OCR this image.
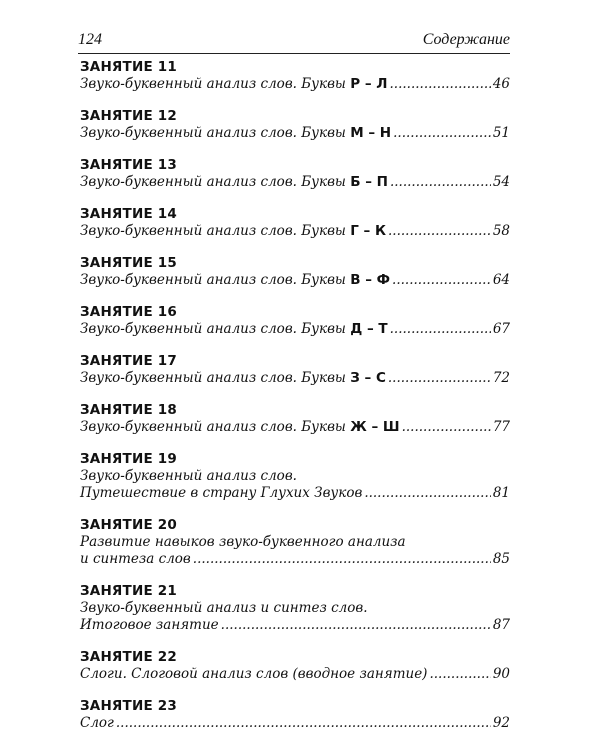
124	Содержание
ЗАНЯТИЕ 11
Звуко-буквенный анализ слов. Буквы Р – Л .....	46
ЗАНЯТИЕ 12
Звуко-буквенный анализ слов. Буквы М – Н .....	51
ЗАНЯТИЕ 13
Звуко-буквенный анализ слов. Буквы Б – П .....	54
ЗАНЯТИЕ 14
Звуко-буквенный анализ слов. Буквы Г – К .....	58
ЗАНЯТИЕ 15
Звуко-буквенный анализ слов. Буквы В – Ф .....	64
ЗАНЯТИЕ 16
Звуко-буквенный анализ слов. Буквы Д – Т .....	67
ЗАНЯТИЕ 17
Звуко-буквенный анализ слов. Буквы З – С .....	72
ЗАНЯТИЕ 18
Звуко-буквенный анализ слов. Буквы Ж – Ш .....	77
ЗАНЯТИЕ 19
Звуко-буквенный анализ слов.
Путешествие в страну Глухих Звуков .....	81
ЗАНЯТИЕ 20
Развитие навыков звуко-буквенного анализа
и синтеза слов .....	85
ЗАНЯТИЕ 21
Звуко-буквенный анализ и синтез слов.
Итоговое занятие .....	87
ЗАНЯТИЕ 22
Слоги. Слоговой анализ слов (вводное занятие) .....	90
ЗАНЯТИЕ 23
Слог .....	92
